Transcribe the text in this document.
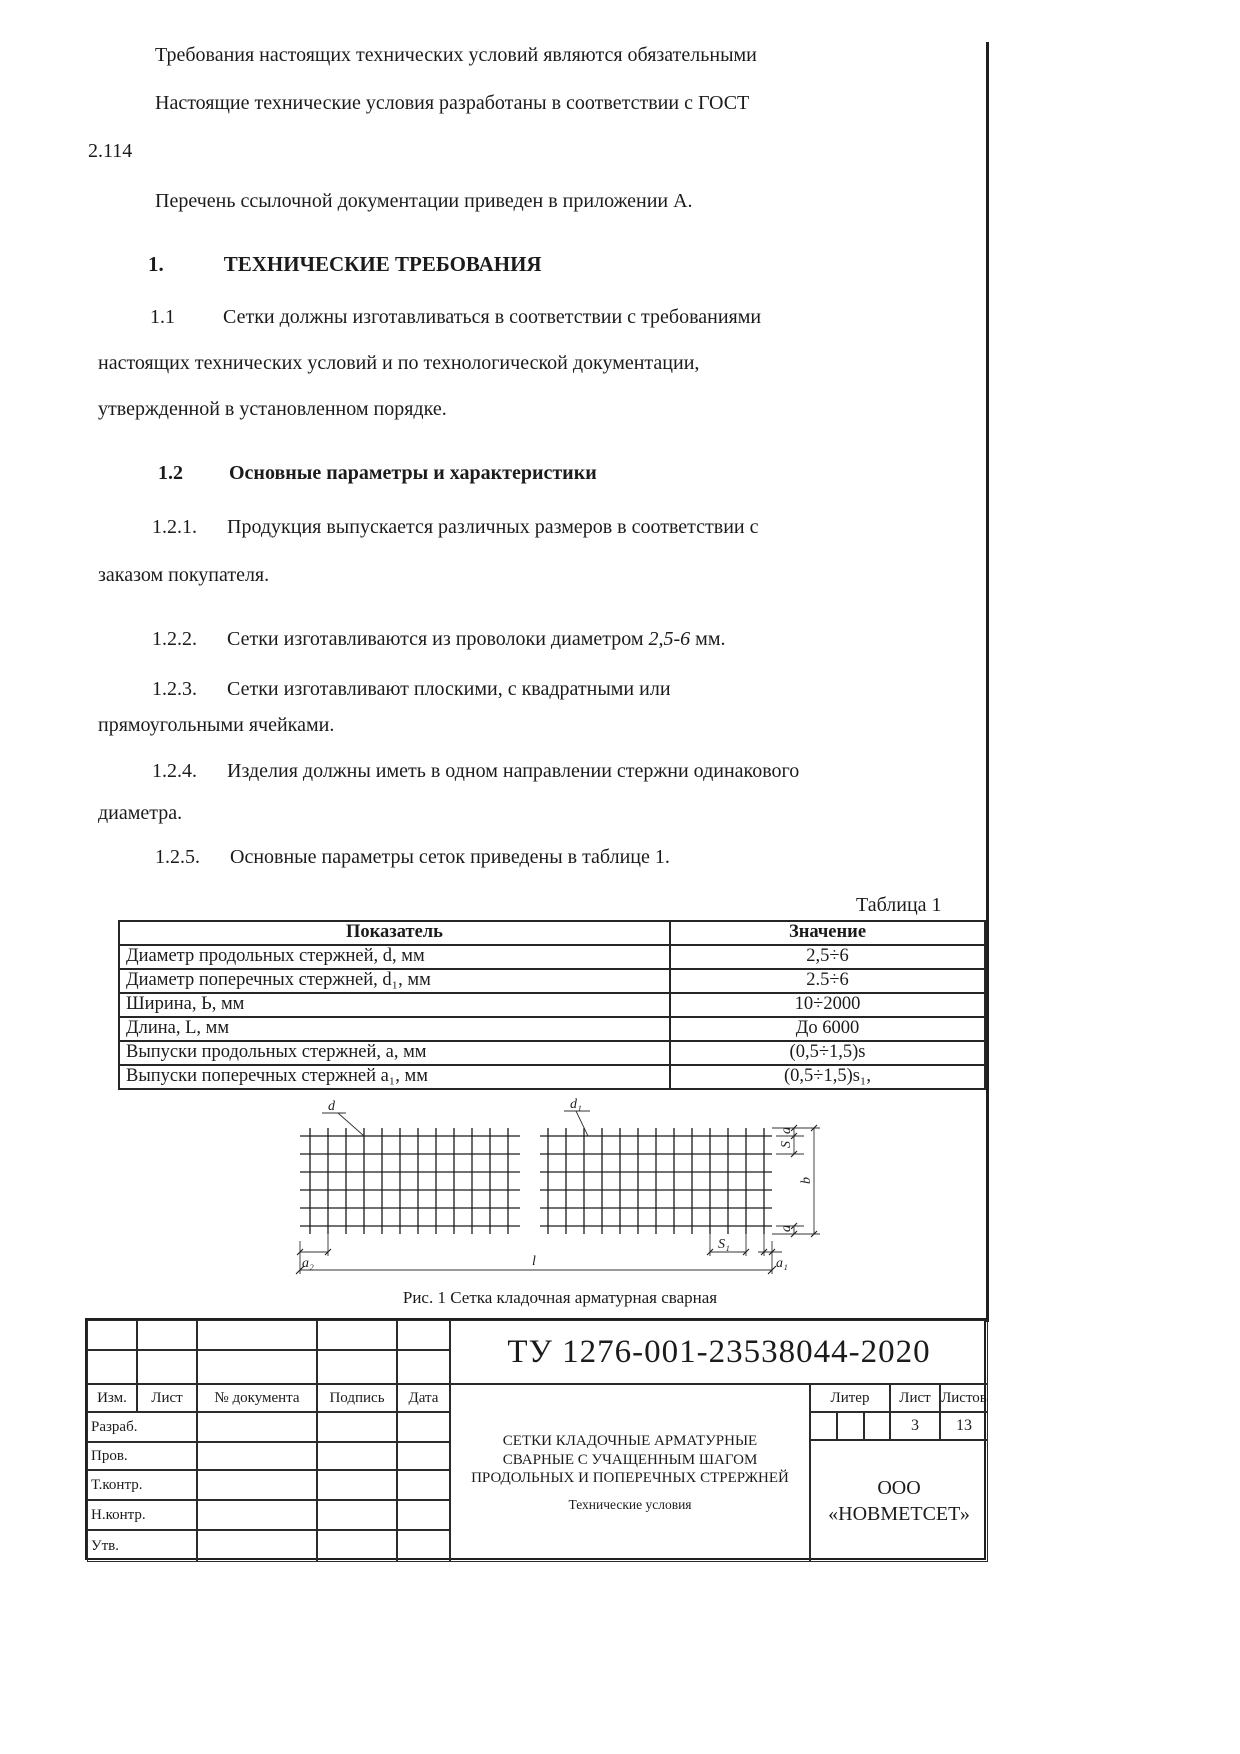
Требования настоящих технических условий являются обязательными
Настоящие технические условия разработаны в соответствии с ГОСТ
2.114
Перечень ссылочной документации приведен в приложении А.
1.	ТЕХНИЧЕСКИЕ ТРЕБОВАНИЯ
1.1 Сетки должны изготавливаться в соответствии с требованиями
настоящих технических условий и по технологической документации,
утвержденной в установленном порядке.
1.2 Основные параметры и характеристики
1.2.1. Продукция выпускается различных размеров в соответствии с
заказом покупателя.
1.2.2. Сетки изготавливаются из проволоки диаметром 2,5-6 мм.
1.2.3. Сетки изготавливают плоскими, с квадратными или
прямоугольными ячейками.
1.2.4. Изделия должны иметь в одном направлении стержни одинакового
диаметра.
1.2.5. Основные параметры сеток приведены в таблице 1.
Таблица 1
Показатель	Значение
Диаметр продольных стержней, d, мм	2,5÷6
Диаметр поперечных стержней, d₁, мм	2.5÷6
Ширина, Ь, мм	10÷2000
Длина, L, мм	До 6000
Выпуски продольных стержней, а, мм	(0,5÷1,5)s
Выпуски поперечных стержней а₁, мм	(0,5÷1,5)s₁,
d	d₁
l
a₂
S₁
a₁
a
S
a
b
Рис. 1 Сетка кладочная арматурная сварная
Изм.	Лист	№ документа	Подпись	Дата
Разраб.
Пров.
Т.контр.
Н.контр.
Утв.
ТУ 1276-001-23538044-2020
СЕТКИ КЛАДОЧНЫЕ АРМАТУРНЫЕ
СВАРНЫЕ С УЧАЩЕННЫМ ШАГОМ
ПРОДОЛЬНЫХ И ПОПЕРЕЧНЫХ СТРЕРЖНЕЙ
Технические условия
Литер	Лист Листов
3	13
ООО
«НОВМЕТСЕТ»
